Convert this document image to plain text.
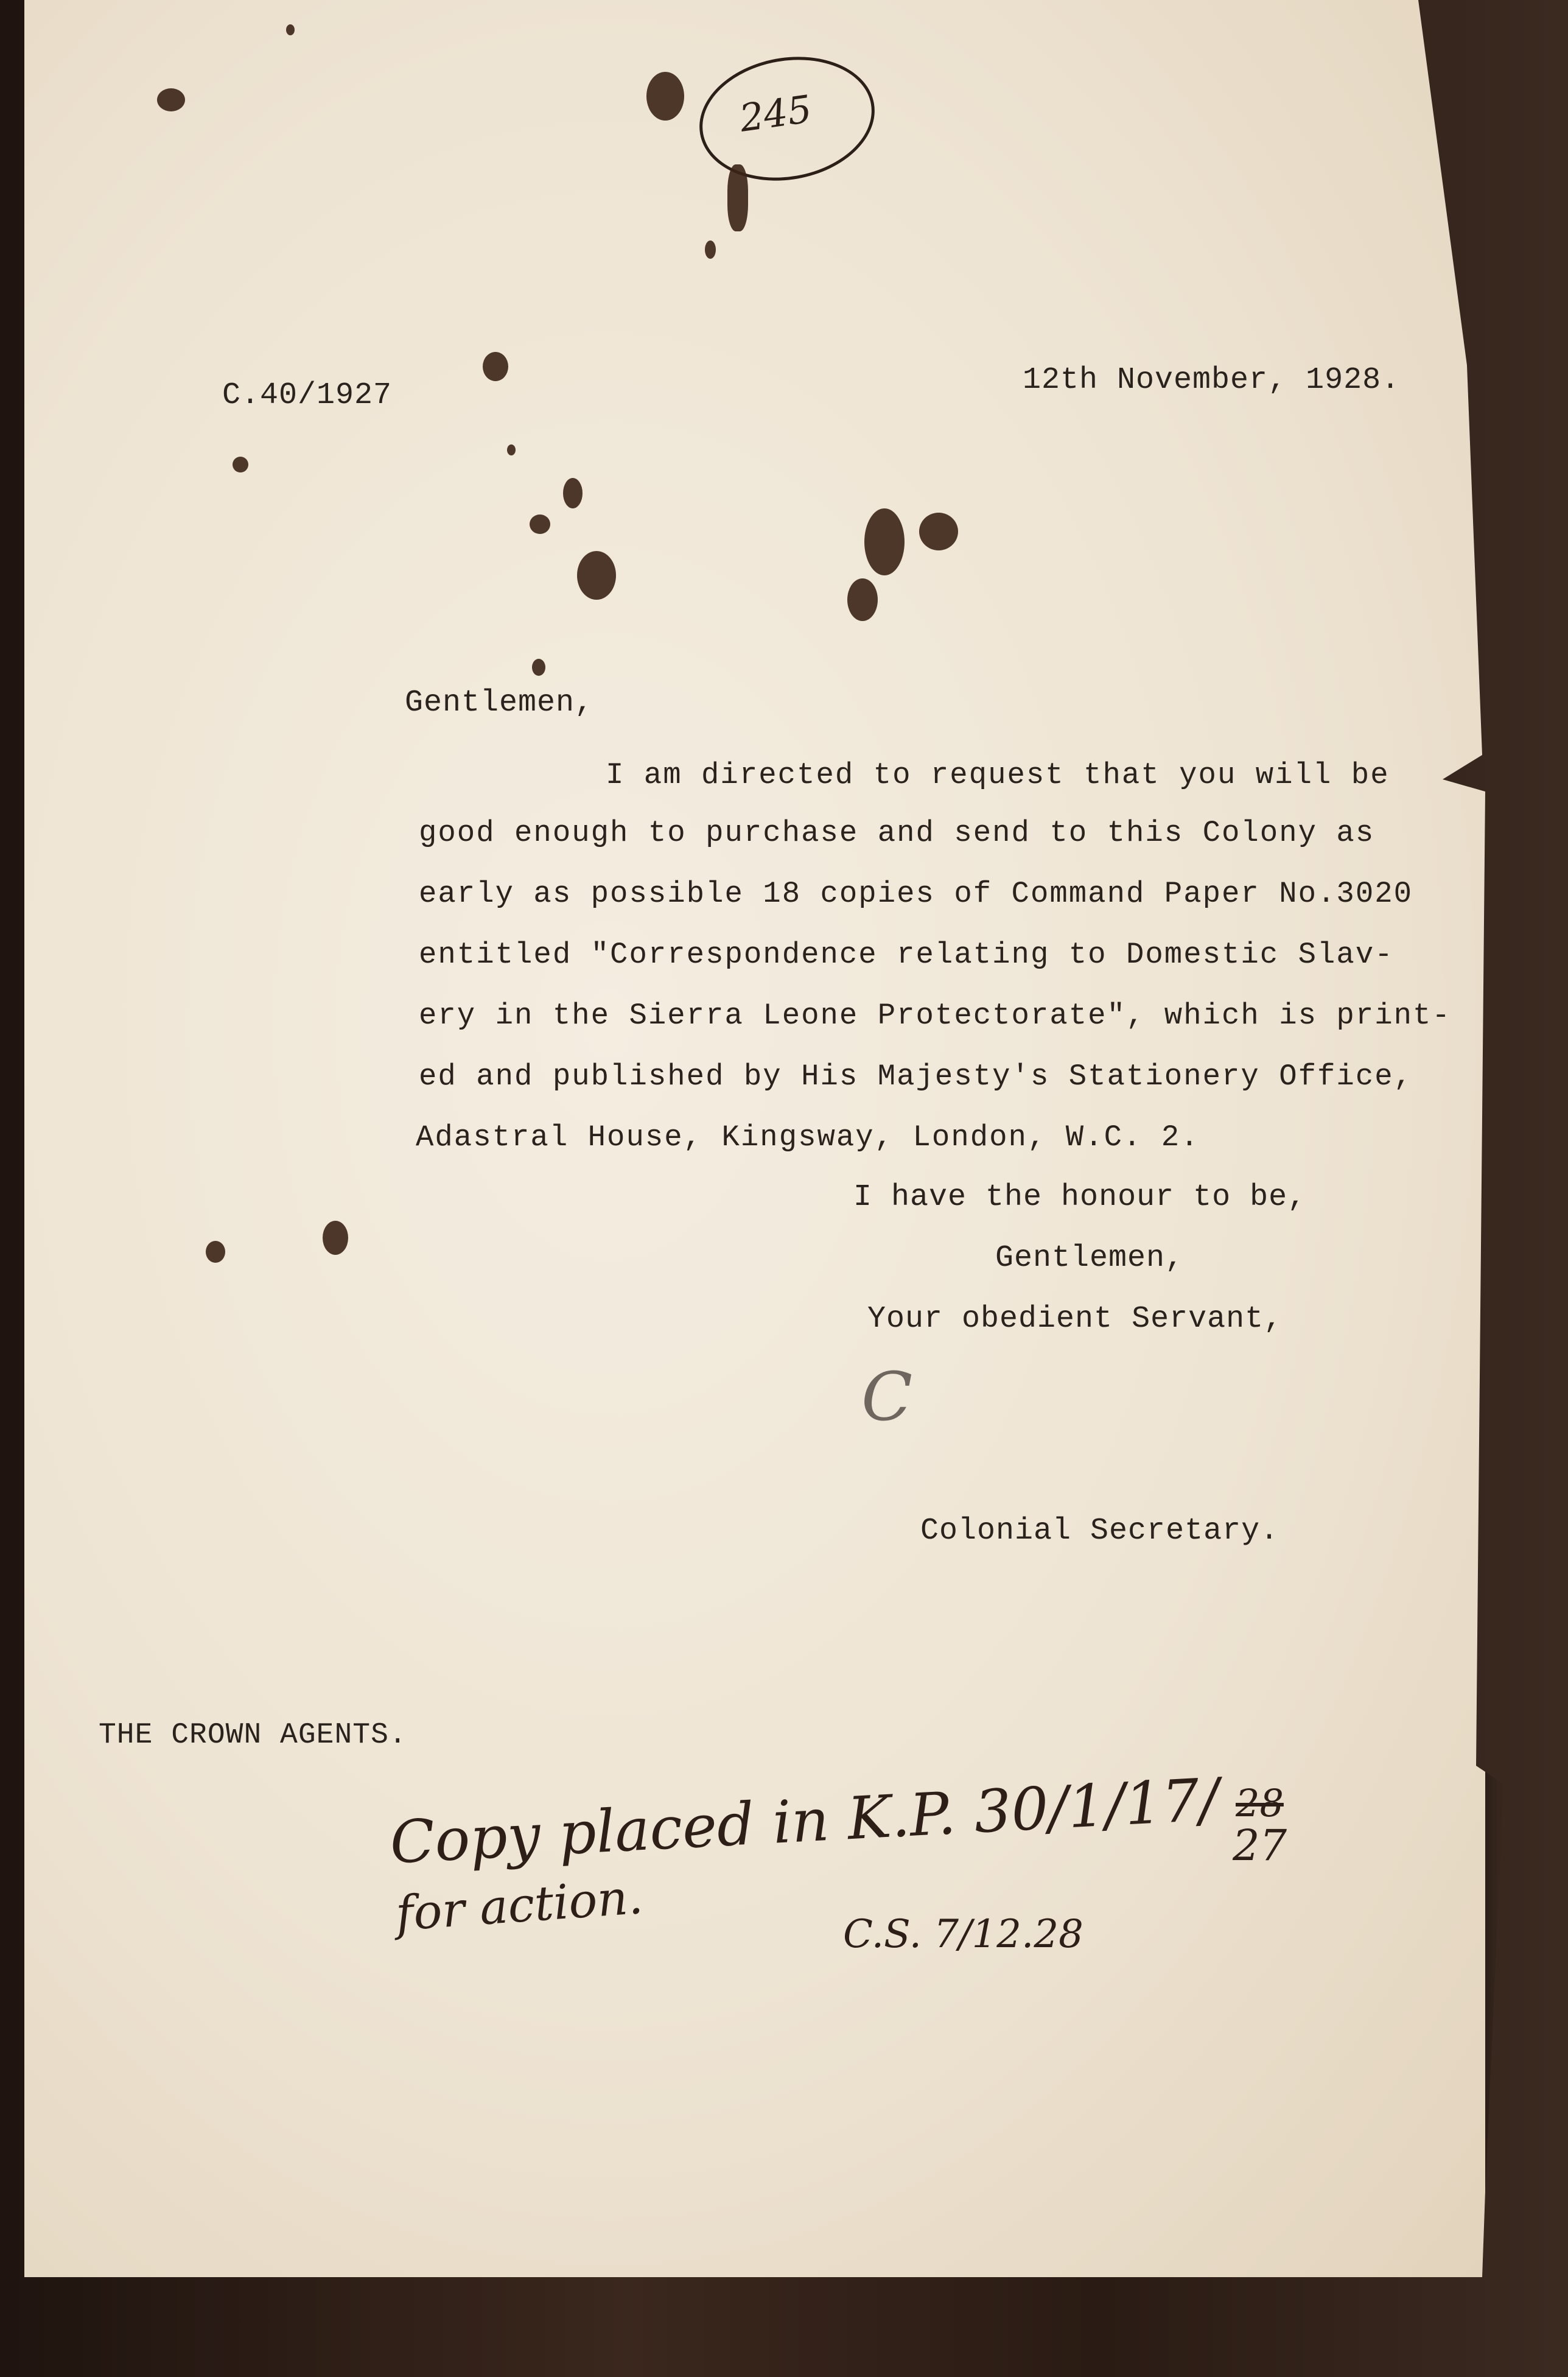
245
C.40/1927	12th November, 1928.
Gentlemen,
I am directed to request that you will be
good enough to purchase and send to this Colony as
early as possible 18 copies of Command Paper No.3020
entitled "Correspondence relating to Domestic Slav-
ery in the Sierra Leone Protectorate", which is print-
ed and published by His Majesty's Stationery Office,
Adastral House, Kingsway, London, W.C. 2.
I have the honour to be,
Gentlemen,
Your obedient Servant,
C
Colonial Secretary.
THE CROWN AGENTS.
Copy placed in K.P. 30/1/17/ 28
27
for action.	C.S. 7/12.28
